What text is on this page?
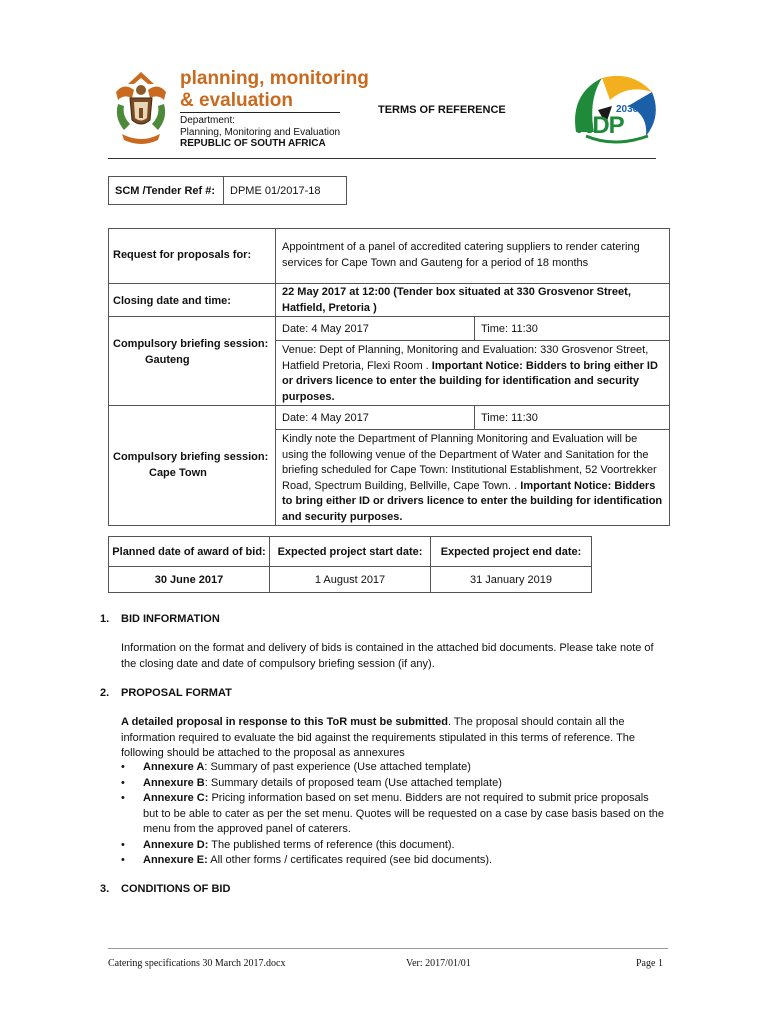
planning, monitoring
& evaluation
Department:
Planning, Monitoring and Evaluation
REPUBLIC OF SOUTH AFRICA
TERMS OF REFERENCE	2030
NDP
SCM /Tender Ref #:	DPME 01/2017-18
Request for proposals for:	Appointment of a panel of accredited catering suppliers to render catering services for Cape Town and Gauteng for a period of 18 months	
Closing date and time:	22 May 2017 at 12:00 (Tender box situated at 330 Grosvenor Street, Hatfield, Pretoria )	

Compulsory briefing session:
Gauteng	Date: 4 May 2017	Time: 11:30
	Venue: Dept of Planning, Monitoring and Evaluation: 330 Grosvenor Street, Hatfield Pretoria, Flexi Room . Important Notice: Bidders to bring either ID or drivers licence to enter the building for identification and security purposes.	

Compulsory briefing session:
Cape Town	Date: 4 May 2017	Time: 11:30
	Kindly note the Department of Planning Monitoring and Evaluation will be using the following venue of the Department of Water and Sanitation for the briefing scheduled for Cape Town: Institutional Establishment, 52 Voortrekker Road, Spectrum Building, Bellville, Cape Town. . Important Notice: Bidders to bring either ID or drivers licence to enter the building for identification and security purposes.	
Planned date of award of bid:	Expected project start date:	Expected project end date:
30 June 2017	1 August 2017	31 January 2019
1. BID INFORMATION
Information on the format and delivery of bids is contained in the attached bid documents. Please take note of the closing date and date of compulsory briefing session (if any).
2. PROPOSAL FORMAT
A detailed proposal in response to this ToR must be submitted. The proposal should contain all the information required to evaluate the bid against the requirements stipulated in this terms of reference. The following should be attached to the proposal as annexures
• Annexure A: Summary of past experience (Use attached template)
• Annexure B: Summary details of proposed team (Use attached template)
• Annexure C: Pricing information based on set menu. Bidders are not required to submit price proposals but to be able to cater as per the set menu. Quotes will be requested on a case by case basis based on the menu from the approved panel of caterers.
• Annexure D: The published terms of reference (this document).
• Annexure E: All other forms / certificates required (see bid documents).
3. CONDITIONS OF BID
Catering specifications 30 March 2017.docx	Ver: 2017/01/01	Page 1
